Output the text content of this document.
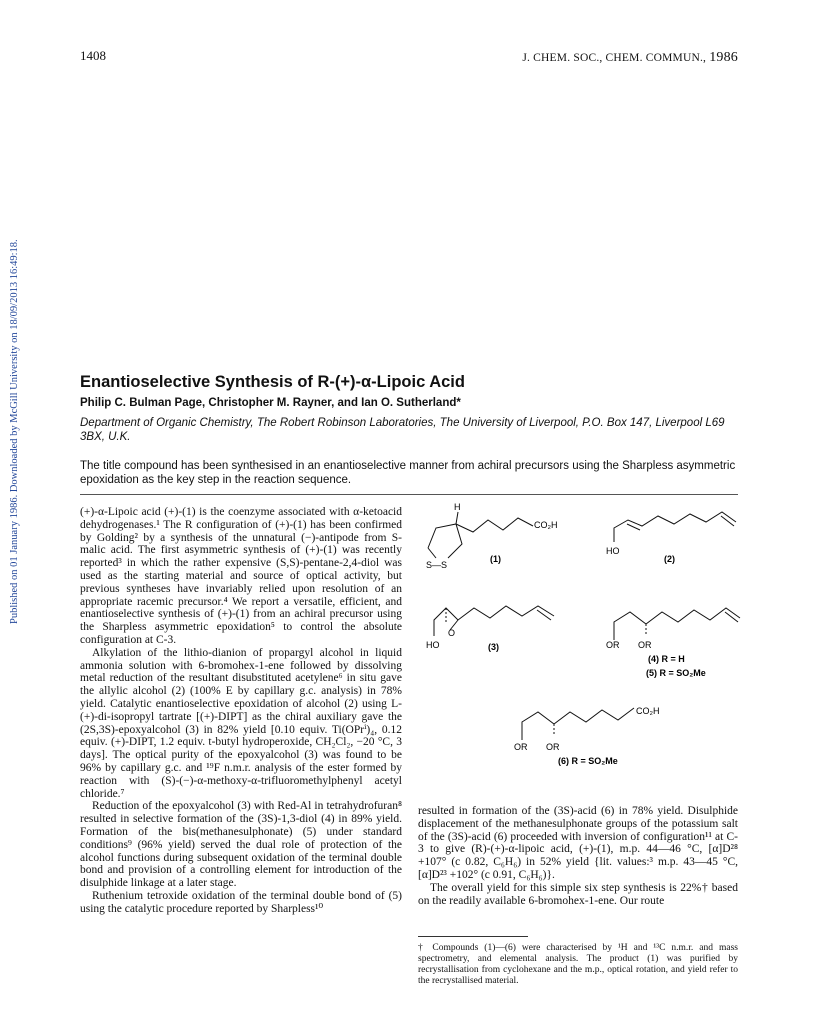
1408	J. CHEM. SOC., CHEM. COMMUN., 1986
Published on 01 January 1986. Downloaded by McGill University on 18/09/2013 16:49:18.	Enantioselective Synthesis of R-(+)-α-Lipoic Acid
Philip C. Bulman Page, Christopher M. Rayner, and Ian O. Sutherland*
Department of Organic Chemistry, The Robert Robinson Laboratories, The University of Liverpool, P.O. Box 147, Liverpool L69 3BX, U.K.
The title compound has been synthesised in an enantioselective manner from achiral precursors using the Sharpless asymmetric epoxidation as the key step in the reaction sequence.

(+)-α-Lipoic acid (+)-(1) is the coenzyme associated with α-ketoacid dehydrogenases.¹ The R configuration of (+)-(1) has been confirmed by Golding² by a synthesis of the unnatural (−)-antipode from S-malic acid. The first asymmetric synthesis of (+)-(1) was recently reported³ in which the rather expensive (S,S)-pentane-2,4-diol was used as the starting material and source of optical activity, but previous syntheses have invariably relied upon resolution of an appropriate racemic precursor.⁴ We report a versatile, efficient, and enantioselective synthesis of (+)-(1) from an achiral precursor using the Sharpless asymmetric epoxidation⁵ to control the absolute configuration at C-3.

Alkylation of the lithio-dianion of propargyl alcohol in liquid ammonia solution with 6-bromohex-1-ene followed by dissolving metal reduction of the resultant disubstituted acetylene⁶ in situ gave the allylic alcohol (2) (100% E by capillary g.c. analysis) in 78% yield. Catalytic enantioselective epoxidation of alcohol (2) using L-(+)-di-isopropyl tartrate [(+)-DIPT] as the chiral auxiliary gave the (2S,3S)-epoxyalcohol (3) in 82% yield [0.10 equiv. Ti(OPrⁱ)₄, 0.12 equiv. (+)-DIPT, 1.2 equiv. t-butyl hydroperoxide, CH₂Cl₂, −20 °C, 3 days]. The optical purity of the epoxyalcohol (3) was found to be 96% by capillary g.c. and ¹⁹F n.m.r. analysis of the ester formed by reaction with (S)-(−)-α-methoxy-α-trifluoromethylphenyl acetyl chloride.⁷

Reduction of the epoxyalcohol (3) with Red-Al in tetrahydrofuran⁸ resulted in selective formation of the (3S)-1,3-diol (4) in 89% yield. Formation of the bis(methanesulphonate) (5) under standard conditions⁹ (96% yield) served the dual role of protection of the alcohol functions during subsequent oxidation of the terminal double bond and provision of a controlling element for introduction of the disulphide linkage at a later stage.

Ruthenium tetroxide oxidation of the terminal double bond of (5) using the catalytic procedure reported by Sharpless¹⁰

H
CO₂H
S—S
(1)
HO
(2)
O
HO	(3)	OR OR
(4) R = H
(5) R = SO₂Me
CO₂H
OR OR
(6) R = SO₂Me

resulted in formation of the (3S)-acid (6) in 78% yield. Disulphide displacement of the methanesulphonate groups of the potassium salt of the (3S)-acid (6) proceeded with inversion of configuration¹¹ at C-3 to give (R)-(+)-α-lipoic acid, (+)-(1), m.p. 44—46 °C, [α]D²⁸ +107° (c 0.82, C₆H₆) in 52% yield {lit. values:³ m.p. 43—45 °C, [α]D²³ +102° (c 0.91, C₆H₆)}.

The overall yield for this simple six step synthesis is 22%† based on the readily available 6-bromohex-1-ene. Our route

† Compounds (1)—(6) were characterised by ¹H and ¹³C n.m.r. and mass spectrometry, and elemental analysis. The product (1) was purified by recrystallisation from cyclohexane and the m.p., optical rotation, and yield refer to the recrystallised material.
